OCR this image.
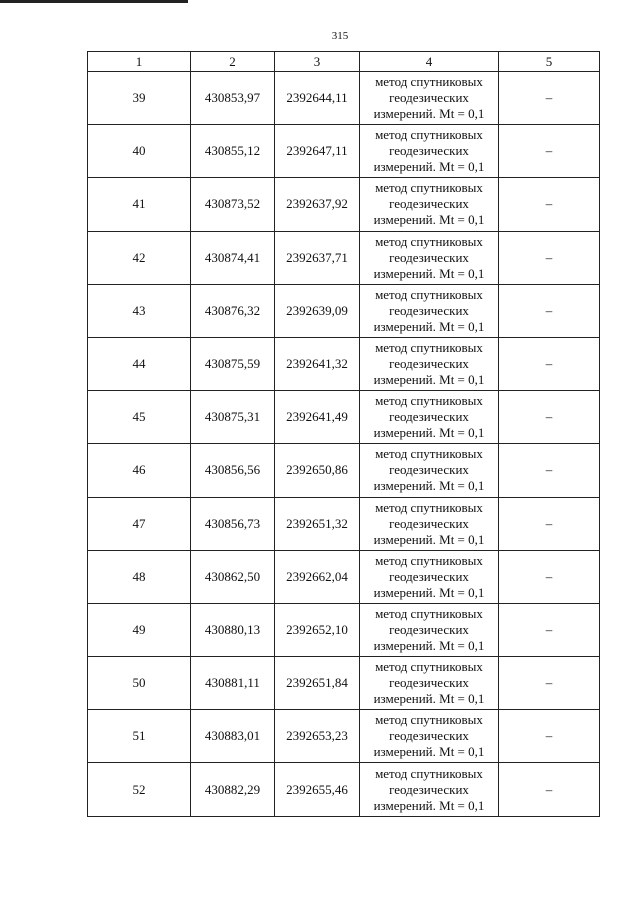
315
1	2	3	4	5
39	430853,97	2392644,11	метод спутниковых
геодезических
измерений. Mt = 0,1	–
40	430855,12	2392647,11	метод спутниковых
геодезических
измерений. Mt = 0,1	–
41	430873,52	2392637,92	метод спутниковых
геодезических
измерений. Mt = 0,1	–
42	430874,41	2392637,71	метод спутниковых
геодезических
измерений. Mt = 0,1	–
43	430876,32	2392639,09	метод спутниковых
геодезических
измерений. Mt = 0,1	–
44	430875,59	2392641,32	метод спутниковых
геодезических
измерений. Mt = 0,1	–
45	430875,31	2392641,49	метод спутниковых
геодезических
измерений. Mt = 0,1	–
46	430856,56	2392650,86	метод спутниковых
геодезических
измерений. Mt = 0,1	–
47	430856,73	2392651,32	метод спутниковых
геодезических
измерений. Mt = 0,1	–
48	430862,50	2392662,04	метод спутниковых
геодезических
измерений. Mt = 0,1	–
49	430880,13	2392652,10	метод спутниковых
геодезических
измерений. Mt = 0,1	–
50	430881,11	2392651,84	метод спутниковых
геодезических
измерений. Mt = 0,1	–
51	430883,01	2392653,23	метод спутниковых
геодезических
измерений. Mt = 0,1	–
52	430882,29	2392655,46	метод спутниковых
геодезических
измерений. Mt = 0,1	–
